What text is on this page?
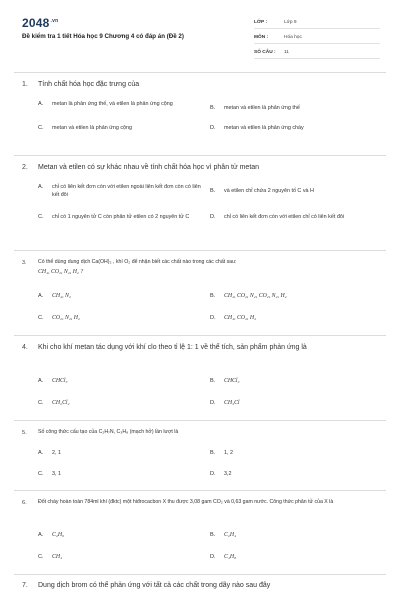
$2048^{.vn}$
Đề kiểm tra 1 tiết Hóa học 9 Chương 4 có đáp án (Đề 2)
LỚP :	Lớp 9
MÔN :	Hóa học
SỐ CÂU :	11
1.	Tính chất hóa học đặc trưng của
A.	metan là phản ứng thế, và etilen là phản ứng cộng
B.	metan và etilen là phản ứng thế
C.	metan và etilen là phản ứng cộng	D.	metan và etilen là phản ứng cháy
2.	Metan và etilen có sự khác nhau về tính chất hóa học vì phân tử metan
A.	chỉ có liên kết đơn còn với etilen ngoài liên kết đơn còn có liên kết đôi
B.	và etilen chỉ chứa 2 nguyên tố C và H
C.	chỉ có 1 nguyên tử C còn phân tử etilen có 2 nguyên tử C	D.	chỉ có liên kết đơn còn với etilen chỉ có liên kết đôi
3.	Có thể dùng dung dịch Ca(OH)₂ , khí O₂ để nhận biết các chất nào trong các chất sau:
CH₄, CO₂, N₂, H₂ ?
A.	CH₄, N₂	B.	CH₄, CO₂, N₂, CO₂, N₂, H₂
C.	CO₂, N₂, H₂	D.	CH₄, CO₂, H₂
4.	Khi cho khí metan tác dụng với khí clo theo tỉ lệ 1: 1 về thể tích, sản phẩm phản ứng là
A.	CHCl₃	B.	CHCl₃
C.	CH₂Cl₂	D.	CH₃Cl
5.	Số công thức cấu tạo của C₂H₇N, C₃H₈ (mạch hở) lần lượt là
A.	2, 1	B.	1, 2
C.	3, 1	D.	3,2
6.	Đốt cháy hoàn toàn 784ml khí (đktc) một hiđrocacbon X thu được 3,08 gam CO₂ và 0,63 gam nước. Công thức phân tử của X là
A.	C₂H₆	B.	C₂H₄
C.	CH₄	D.	C₄H₈
7.	Dung dịch brom có thể phản ứng với tất cả các chất trong dãy nào sau đây
